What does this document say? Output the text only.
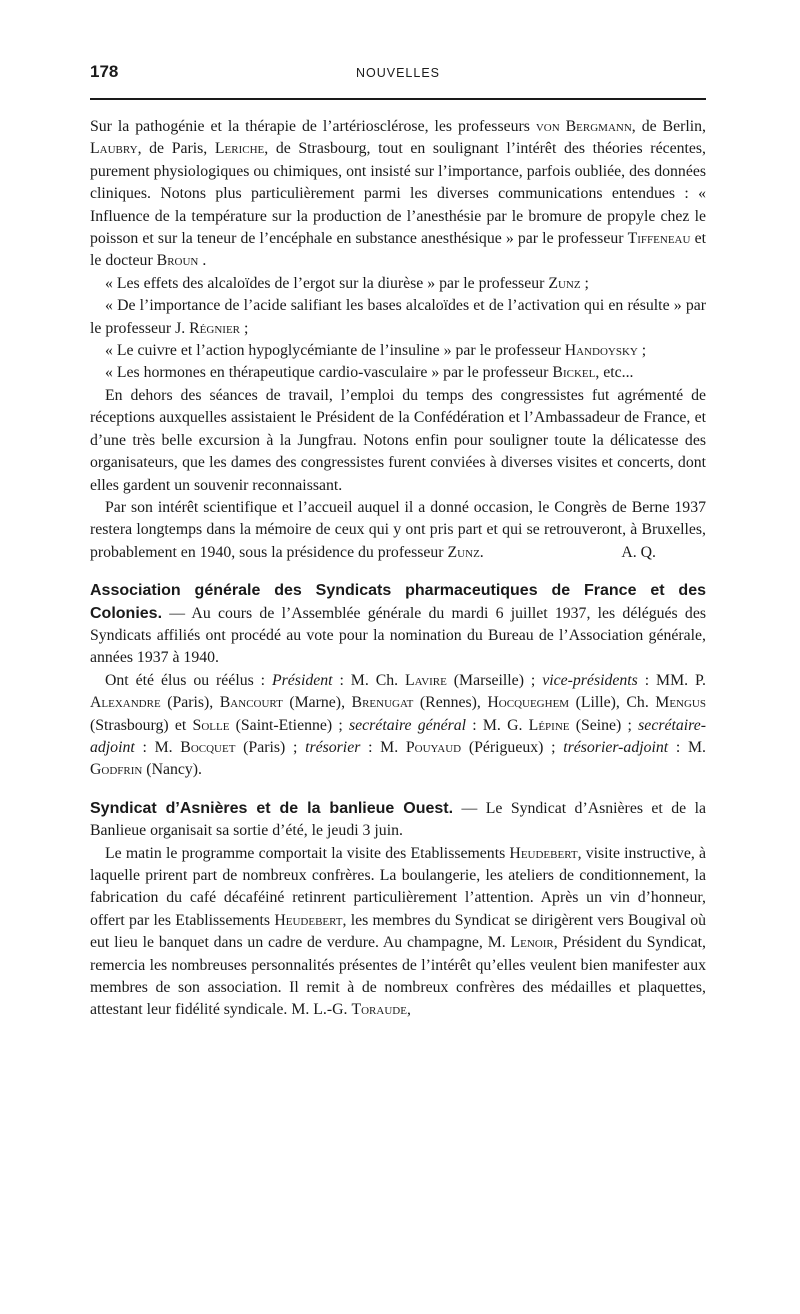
178	NOUVELLES

Sur la pathogénie et la thérapie de l’artériosclérose, les professeurs von Bergmann, de Berlin, Laubry, de Paris, Leriche, de Strasbourg, tout en soulignant l’intérêt des théories récentes, purement physiologiques ou chimiques, ont insisté sur l’importance, parfois oubliée, des données cliniques. Notons plus particulièrement parmi les diverses communications entendues : « Influence de la température sur la production de l’anesthésie par le bromure de propyle chez le poisson et sur la teneur de l’encéphale en substance anesthésique » par le professeur Tiffeneau et le docteur Broun .

« Les effets des alcaloïdes de l’ergot sur la diurèse » par le professeur Zunz ;

« De l’importance de l’acide salifiant les bases alcaloïdes et de l’activation qui en résulte » par le professeur J. Régnier ;

« Le cuivre et l’action hypoglycémiante de l’insuline » par le professeur Handoysky ;

« Les hormones en thérapeutique cardio-vasculaire » par le professeur Bickel, etc...

En dehors des séances de travail, l’emploi du temps des congressistes fut agrémenté de réceptions auxquelles assistaient le Président de la Confédération et l’Ambassadeur de France, et d’une très belle excursion à la Jungfrau. Notons enfin pour souligner toute la délicatesse des organisateurs, que les dames des congressistes furent conviées à diverses visites et concerts, dont elles gardent un souvenir reconnaissant.

Par son intérêt scientifique et l’accueil auquel il a donné occasion, le Congrès de Berne 1937 restera longtemps dans la mémoire de ceux qui y ont pris part et qui se retrouveront, à Bruxelles, probablement en 1940, sous la présidence du professeur Zunz.	A. Q.

Association générale des Syndicats pharmaceutiques de France et des Colonies. — Au cours de l’Assemblée générale du mardi 6 juillet 1937, les délégués des Syndicats affiliés ont procédé au vote pour la nomination du Bureau de l’Association générale, années 1937 à 1940.

Ont été élus ou réélus : Président : M. Ch. Lavire (Marseille) ; vice-présidents : MM. P. Alexandre (Paris), Bancourt (Marne), Brenugat (Rennes), Hocqueghem (Lille), Ch. Mengus (Strasbourg) et Solle (Saint-Etienne) ; secrétaire général : M. G. Lépine (Seine) ; secrétaire-adjoint : M. Bocquet (Paris) ; trésorier : M. Pouyaud (Périgueux) ; trésorier-adjoint : M. Godfrin (Nancy).

Syndicat d’Asnières et de la banlieue Ouest. — Le Syndicat d’Asnières et de la Banlieue organisait sa sortie d’été, le jeudi 3 juin.

Le matin le programme comportait la visite des Etablissements Heudebert, visite instructive, à laquelle prirent part de nombreux confrères. La boulangerie, les ateliers de conditionnement, la fabrication du café décaféiné retinrent particulièrement l’attention. Après un vin d’honneur, offert par les Etablissements Heudebert, les membres du Syndicat se dirigèrent vers Bougival où eut lieu le banquet dans un cadre de verdure. Au champagne, M. Lenoir, Président du Syndicat, remercia les nombreuses personnalités présentes de l’intérêt qu’elles veulent bien manifester aux membres de son association. Il remit à de nombreux confrères des médailles et plaquettes, attestant leur fidélité syndicale. M. L.-G. Toraude,
